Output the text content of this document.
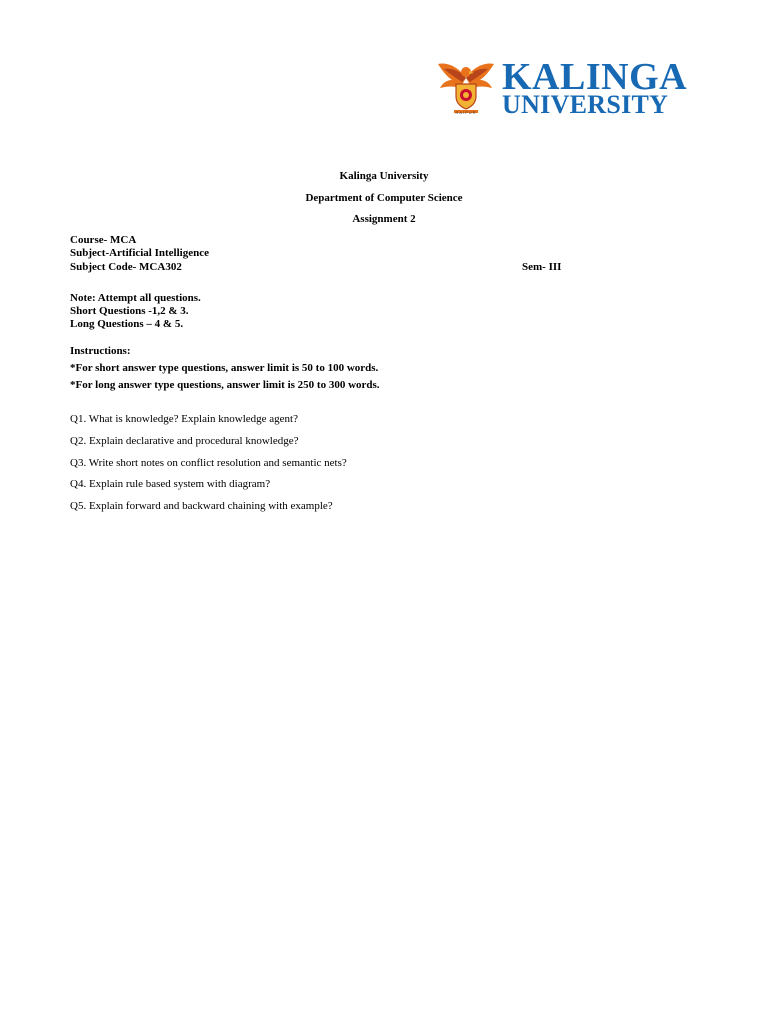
KALINGA
UNIVERSITY
RAIPUR
Kalinga University
Department of Computer Science
Assignment 2
Course- MCA
Subject-Artificial Intelligence
Subject Code- MCA302	Sem- III
Note: Attempt all questions.
Short Questions -1,2 & 3.
Long Questions – 4 & 5.
Instructions:
*For short answer type questions, answer limit is 50 to 100 words.
*For long answer type questions, answer limit is 250 to 300 words.
Q1. What is knowledge? Explain knowledge agent?
Q2. Explain declarative and procedural knowledge?
Q3. Write short notes on conflict resolution and semantic nets?
Q4. Explain rule based system with diagram?
Q5. Explain forward and backward chaining with example?
